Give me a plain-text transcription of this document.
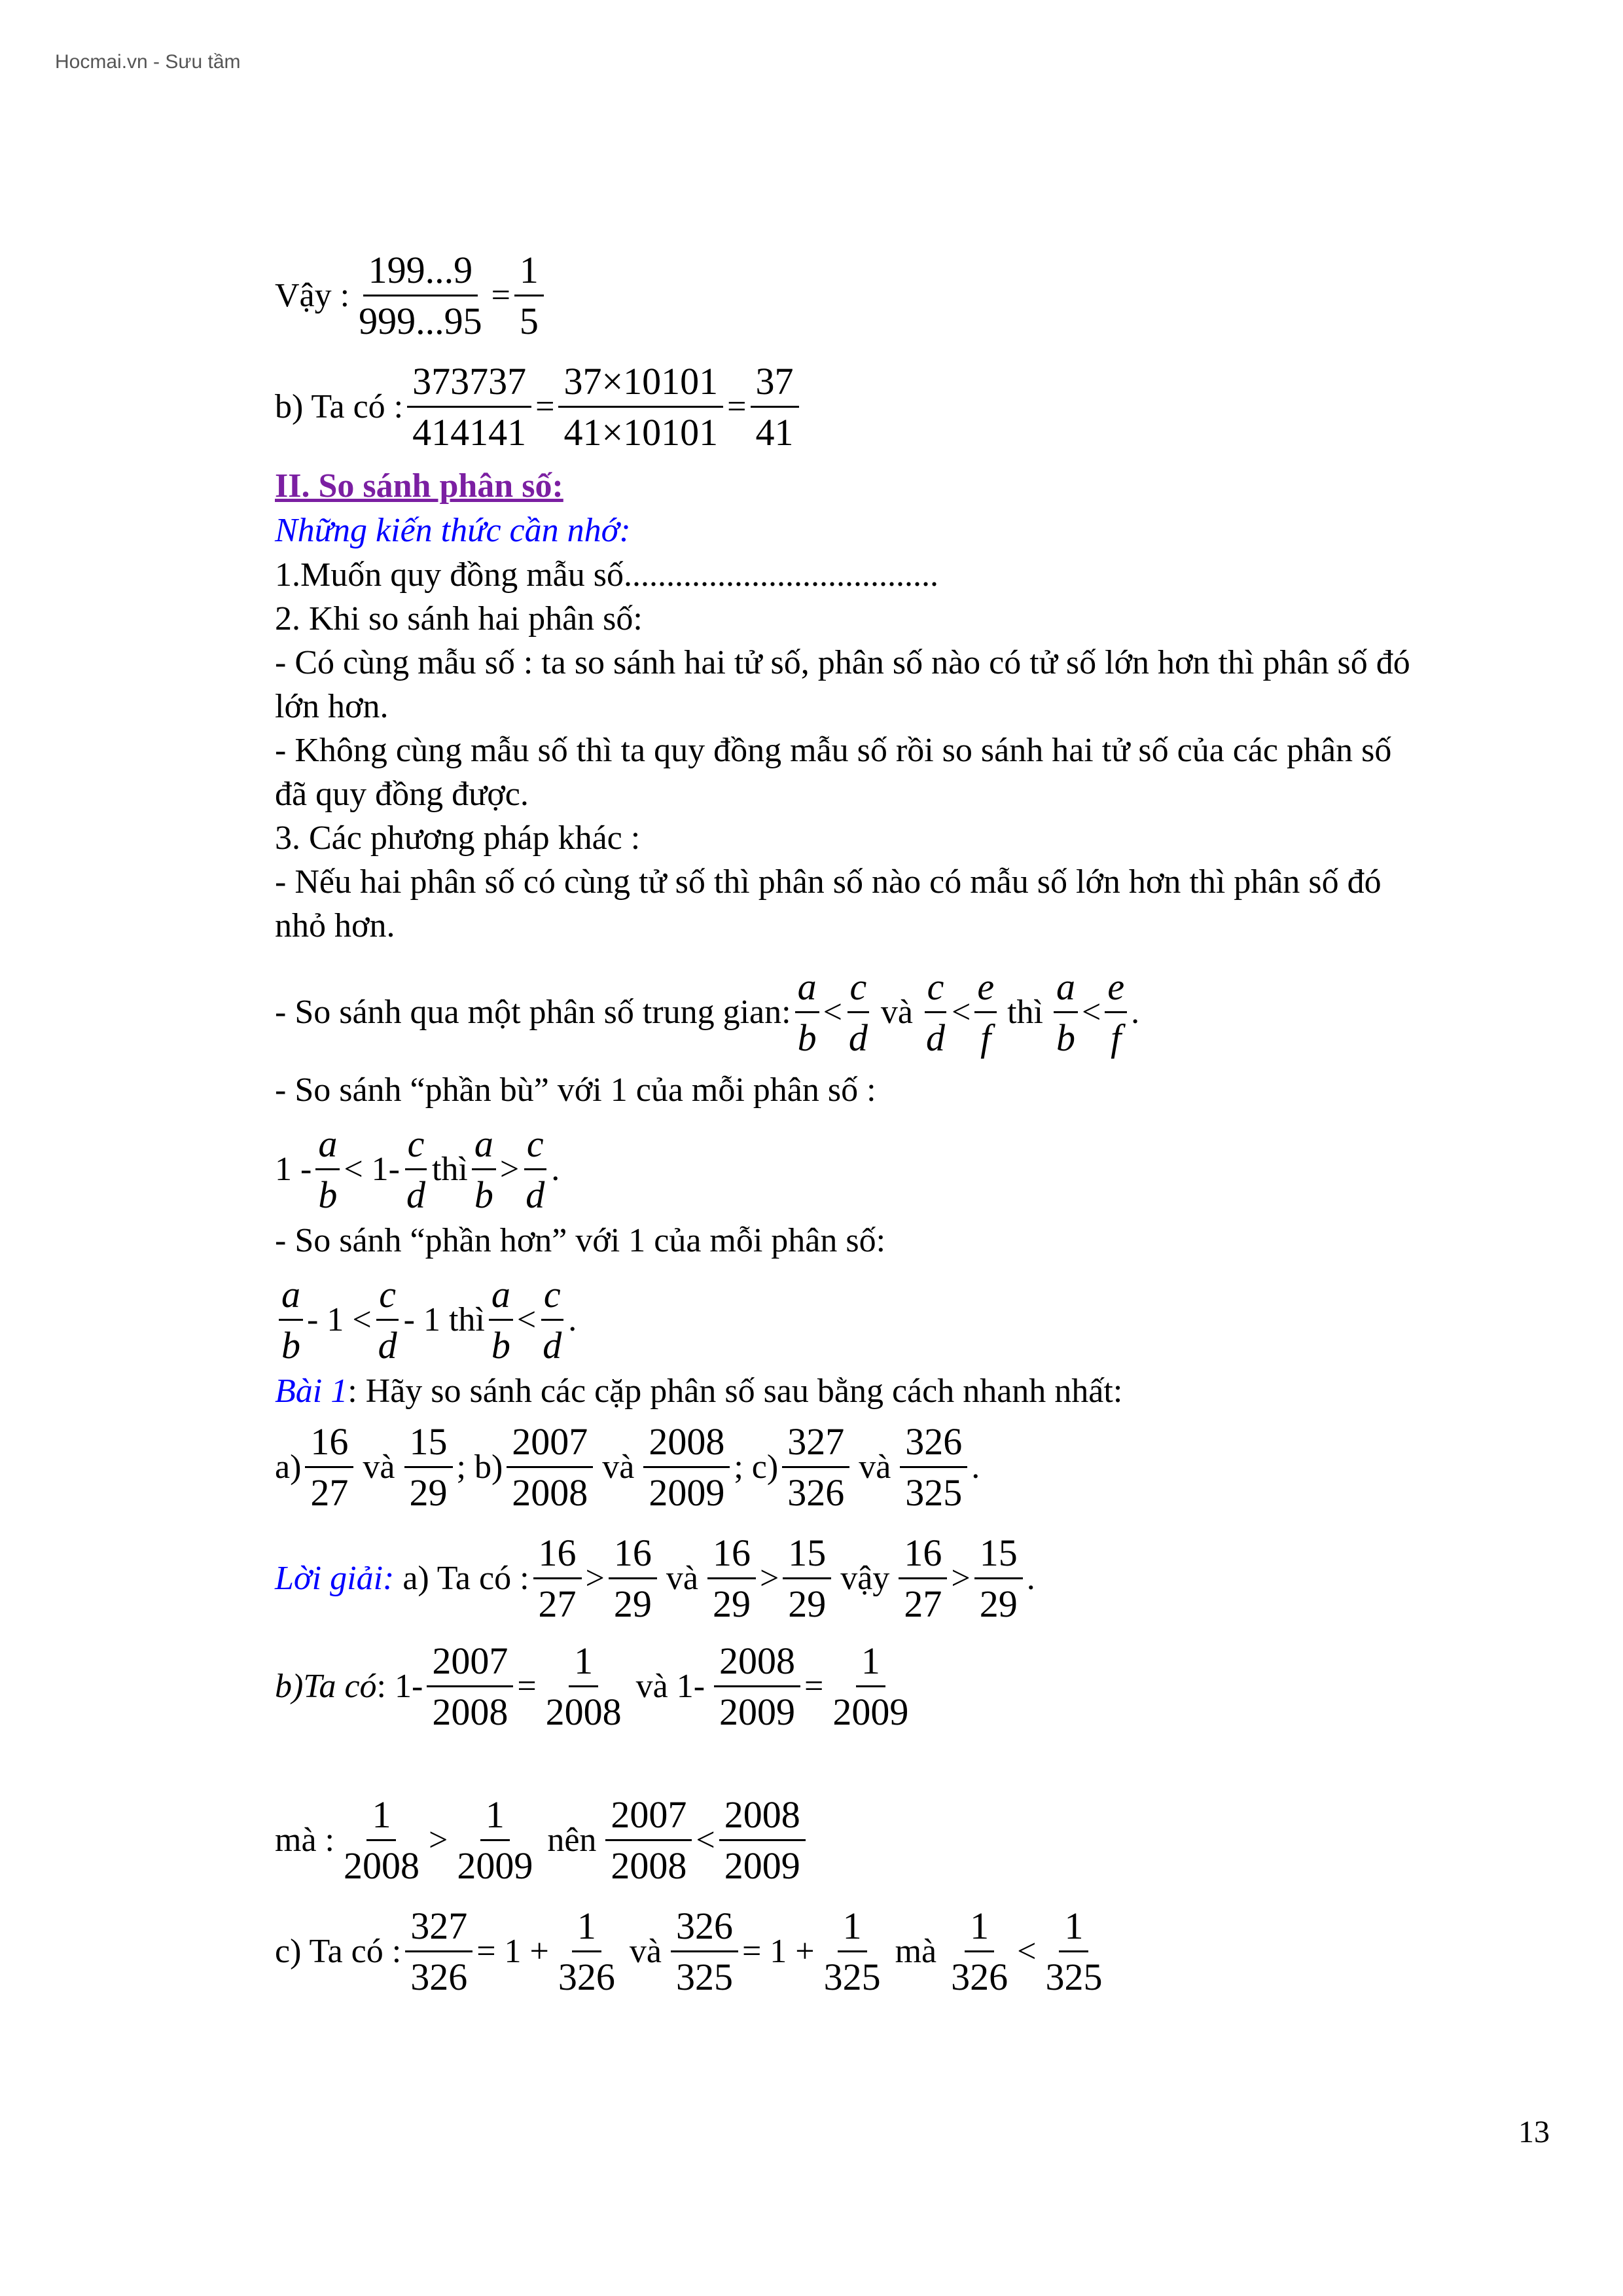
Hocmai.vn - Sưu tầm
Vậy : $\frac{199...9}{999...95} = \frac{1}{5}$
b) Ta có : $\frac{373737}{414141} = \frac{37\times 10101}{41\times 10101} = \frac{37}{41}$
II. So sánh phân số:
Những kiến thức cần nhớ:
1.Muốn quy đồng mẫu số.....................................
2. Khi so sánh hai phân số:
- Có cùng mẫu số : ta so sánh hai tử số, phân số nào có tử số lớn hơn thì phân số đó
lớn hơn.
- Không cùng mẫu số thì ta quy đồng mẫu số rồi so sánh hai tử số của các phân số
đã quy đồng được.
3. Các phương pháp khác :
- Nếu hai phân số có cùng tử số thì phân số nào có mẫu số lớn hơn thì phân số đó
nhỏ hơn.
- So sánh qua một phân số trung gian:
a
b
<
c
d
và
c
d
<
e
f
thì
a
b
<
e
f
.
- So sánh “phần bù” với 1 của mỗi phân số :
1 -
a
b
< 1-
c
d
thì
a
b
>
c
d
.
- So sánh “phần hơn” với 1 của mỗi phân số:
a
b
- 1 <
c
d
- 1 thì
a
b
<
c
d
.
Bài 1 : Hãy so sánh các cặp phân số sau bằng cách nhanh nhất:
a)
16
27
và
15
29
; b)
2007
2008
và
2008
2009
; c)
327
326
và
326
325
.
Lời giải: a) Ta có :
16
27
>
16
29
và
16
29
>
15
29
vậy
16
27
>
15
29
.
b)Ta có : $1- \frac{2007}{2008} = \frac{1}{2008}$ và $1- \frac{2008}{2009} = \frac{1}{2009}$
mà :
1
2008
>
1
2009
nên
2007
2008
<
2008
2009
c) Ta có : $\frac{327}{326} = 1 + \frac{1}{326}$ và $\frac{326}{325} = 1 + \frac{1}{325}$ mà
1
326
<
1
325
13
